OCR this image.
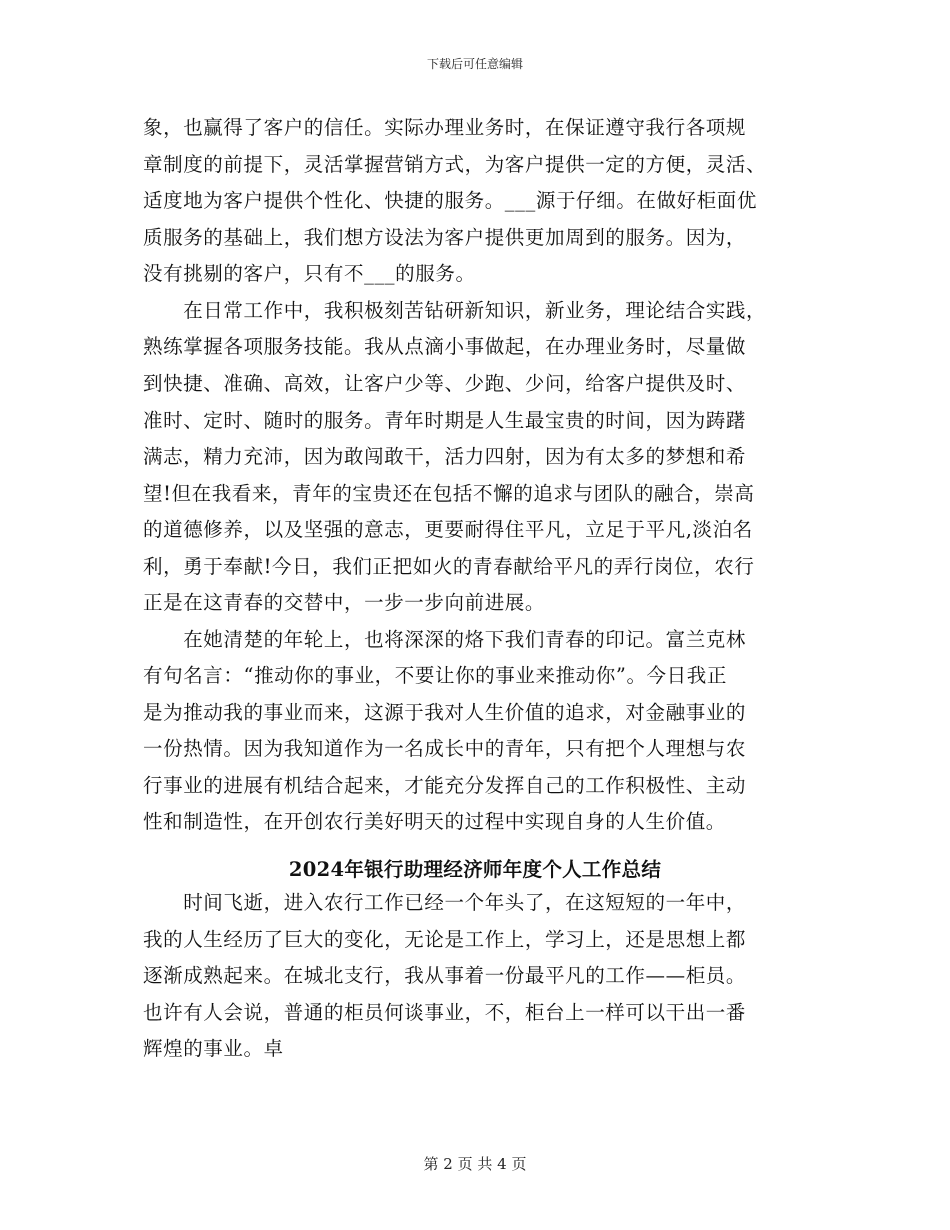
下载后可任意编辑
象，也赢得了客户的信任。实际办理业务时，在保证遵守我行各项规
章制度的前提下，灵活掌握营销方式，为客户提供一定的方便，灵活、
适度地为客户提供个性化、快捷的服务。___源于仔细。在做好柜面优
质服务的基础上，我们想方设法为客户提供更加周到的服务。因为，
没有挑剔的客户，只有不___的服务。
　　在日常工作中，我积极刻苦钻研新知识，新业务，理论结合实践，
熟练掌握各项服务技能。我从点滴小事做起，在办理业务时，尽量做
到快捷、准确、高效，让客户少等、少跑、少问，给客户提供及时、
准时、定时、随时的服务。青年时期是人生最宝贵的时间，因为踌躇
满志，精力充沛，因为敢闯敢干，活力四射，因为有太多的梦想和希
望!但在我看来，青年的宝贵还在包括不懈的追求与团队的融合，崇高
的道德修养，以及坚强的意志，更要耐得住平凡，立足于平凡,淡泊名
利，勇于奉献!今日，我们正把如火的青春献给平凡的弄行岗位，农行
正是在这青春的交替中，一步一步向前进展。
　　在她清楚的年轮上，也将深深的烙下我们青春的印记。富兰克林
有句名言：“推动你的事业，不要让你的事业来推动你”。今日我正
是为推动我的事业而来，这源于我对人生价值的追求，对金融事业的
一份热情。因为我知道作为一名成长中的青年，只有把个人理想与农
行事业的进展有机结合起来，才能充分发挥自己的工作积极性、主动
性和制造性，在开创农行美好明天的过程中实现自身的人生价值。
2024年银行助理经济师年度个人工作总结
　　时间飞逝，进入农行工作已经一个年头了，在这短短的一年中，
我的人生经历了巨大的变化，无论是工作上，学习上，还是思想上都
逐渐成熟起来。在城北支行，我从事着一份最平凡的工作——柜员。
也许有人会说，普通的柜员何谈事业，不，柜台上一样可以干出一番
辉煌的事业。卓
第 2 页 共 4 页
